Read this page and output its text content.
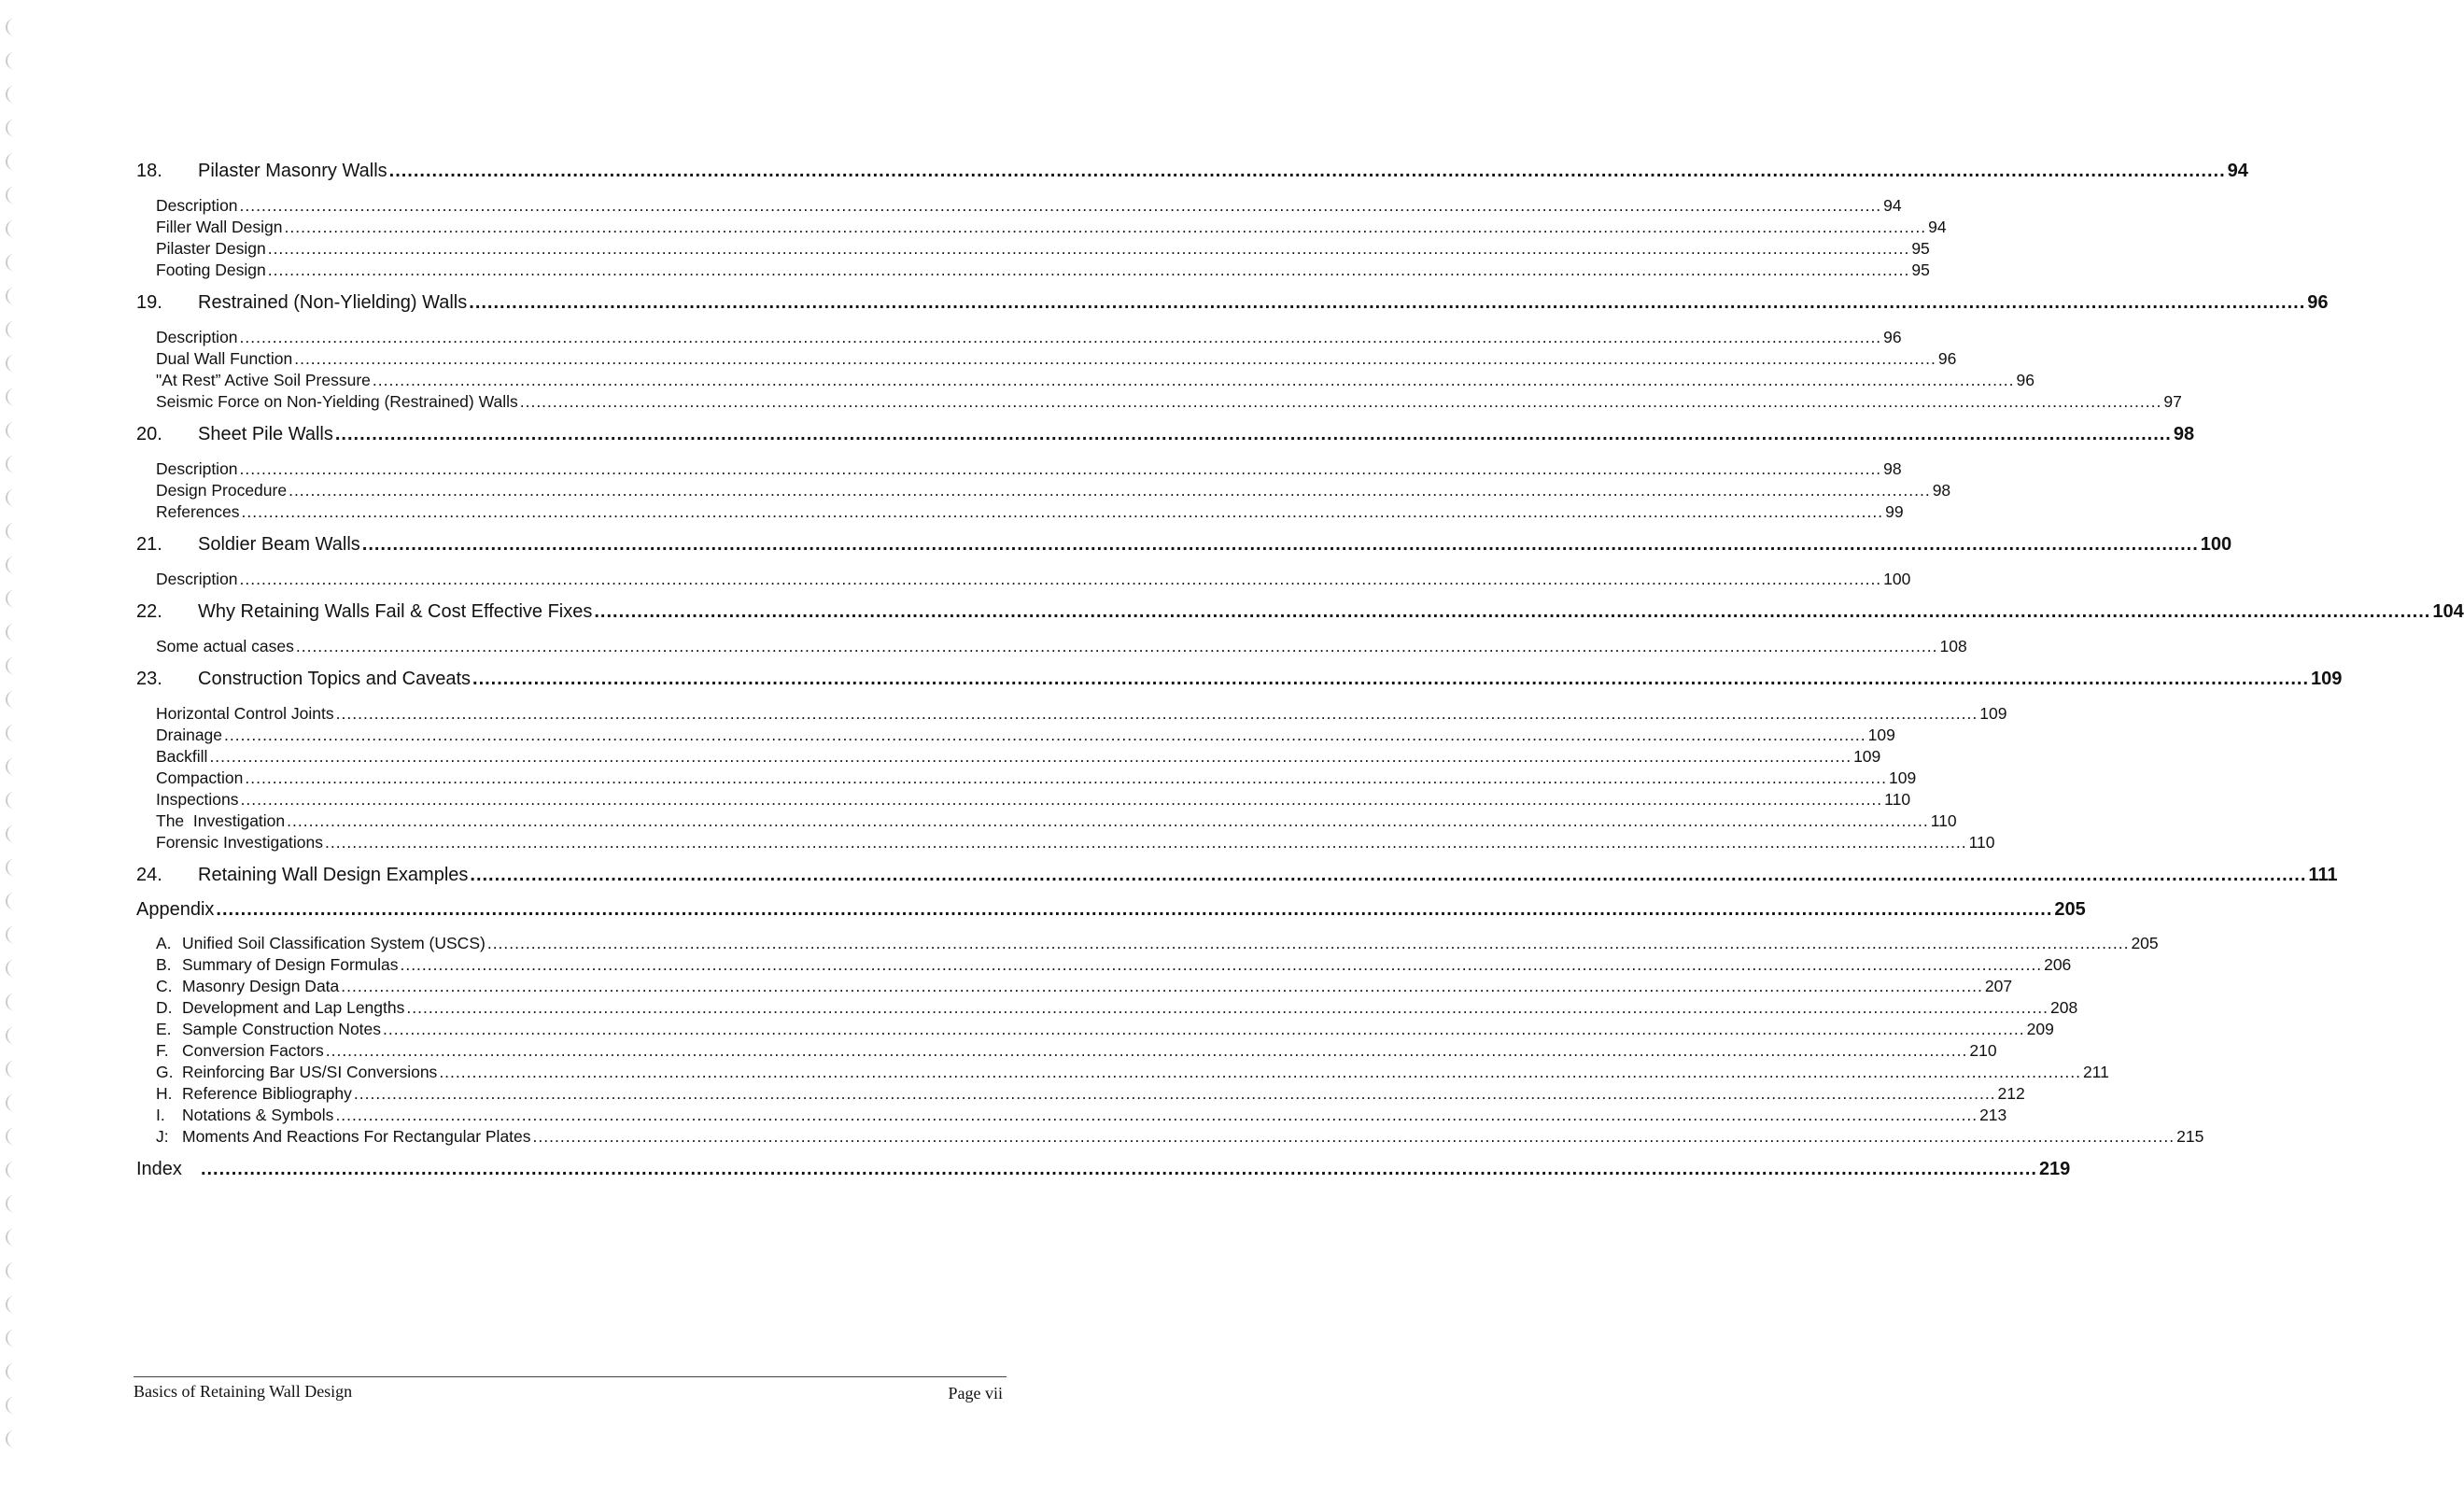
18.	Pilaster Masonry Walls ............................................................................................................................................................................................................................................................................................................ 94
Description ............................................................................................................................................................................................................................................................................................................ 94
Filler Wall Design ............................................................................................................................................................................................................................................................................................................ 94
Pilaster Design ............................................................................................................................................................................................................................................................................................................ 95
Footing Design ............................................................................................................................................................................................................................................................................................................ 95
19.	Restrained (Non-Ylielding) Walls ............................................................................................................................................................................................................................................................................................................ 96
Description ............................................................................................................................................................................................................................................................................................................ 96
Dual Wall Function ............................................................................................................................................................................................................................................................................................................ 96
"At Rest” Active Soil Pressure ............................................................................................................................................................................................................................................................................................................ 96
Seismic Force on Non-Yielding (Restrained) Walls ............................................................................................................................................................................................................................................................................................................ 97
20.	Sheet Pile Walls ............................................................................................................................................................................................................................................................................................................ 98
Description ............................................................................................................................................................................................................................................................................................................ 98
Design Procedure ............................................................................................................................................................................................................................................................................................................ 98
References ............................................................................................................................................................................................................................................................................................................ 99
21.	Soldier Beam Walls ............................................................................................................................................................................................................................................................................................................ 100
Description ............................................................................................................................................................................................................................................................................................................ 100
22.	Why Retaining Walls Fail & Cost Effective Fixes ............................................................................................................................................................................................................................................................................................................ 104
Some actual cases ............................................................................................................................................................................................................................................................................................................ 108
23.	Construction Topics and Caveats ............................................................................................................................................................................................................................................................................................................ 109
Horizontal Control Joints ............................................................................................................................................................................................................................................................................................................ 109
Drainage ............................................................................................................................................................................................................................................................................................................ 109
Backfill ............................................................................................................................................................................................................................................................................................................ 109
Compaction ............................................................................................................................................................................................................................................................................................................ 109
Inspections ............................................................................................................................................................................................................................................................................................................ 110
The  Investigation ............................................................................................................................................................................................................................................................................................................ 110
Forensic Investigations ............................................................................................................................................................................................................................................................................................................ 110
24.	Retaining Wall Design Examples ............................................................................................................................................................................................................................................................................................................ 111
Appendix ............................................................................................................................................................................................................................................................................................................ 205
A. Unified Soil Classification System (USCS) ............................................................................................................................................................................................................................................................................................................ 205
B. Summary of Design Formulas ............................................................................................................................................................................................................................................................................................................ 206
C. Masonry Design Data ............................................................................................................................................................................................................................................................................................................ 207
D. Development and Lap Lengths ............................................................................................................................................................................................................................................................................................................ 208
E. Sample Construction Notes ............................................................................................................................................................................................................................................................................................................ 209
F. Conversion Factors ............................................................................................................................................................................................................................................................................................................ 210
G. Reinforcing Bar US/SI Conversions ............................................................................................................................................................................................................................................................................................................ 211
H. Reference Bibliography ............................................................................................................................................................................................................................................................................................................ 212
I.	Notations & Symbols ............................................................................................................................................................................................................................................................................................................ 213
J: Moments And Reactions For Rectangular Plates ............................................................................................................................................................................................................................................................................................................ 215
Index ............................................................................................................................................................................................................................................................................................................ 219
Basics of Retaining Wall Design	Page vii
